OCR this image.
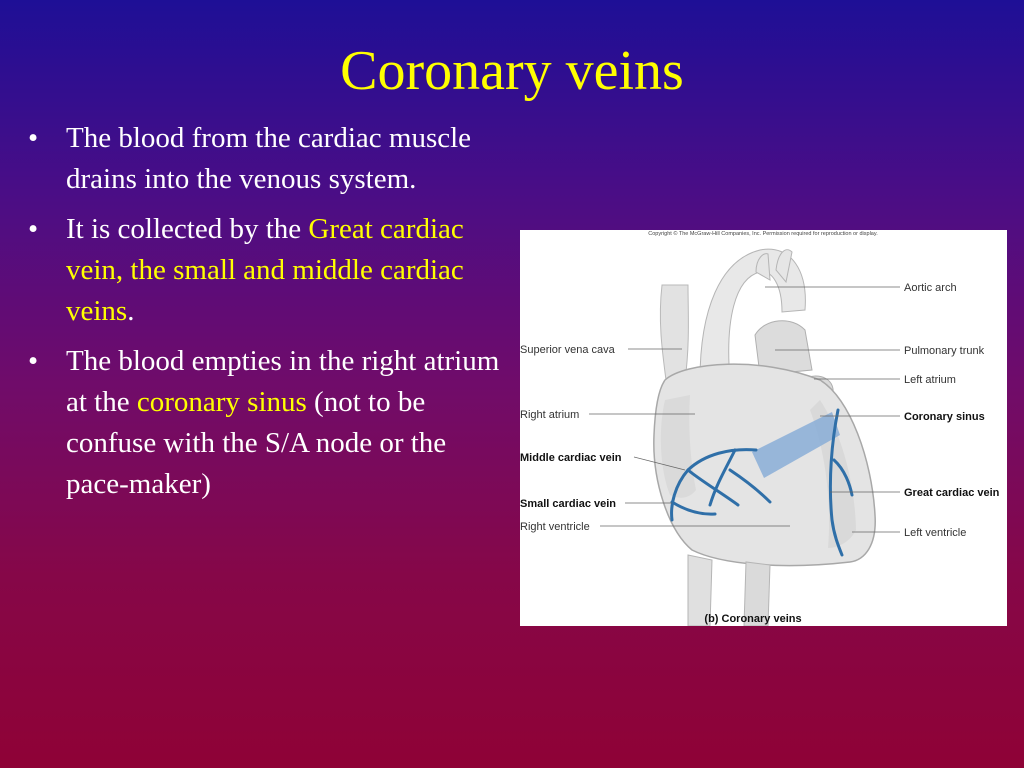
Coronary veins
• The blood from the cardiac muscle drains into the venous system.
• It is collected by the Great cardiac vein, the small and middle cardiac veins.
• The blood empties in the right atrium at the coronary sinus (not to be confuse with the S/A node or the pace-maker)
Copyright © The McGraw-Hill Companies, Inc. Permission required for reproduction or display.
Aortic arch
Superior vena cava	Pulmonary trunk
Left atrium
Right atrium	Coronary sinus
Middle cardiac vein
Great cardiac vein
Small cardiac vein
Right ventricle	Left ventricle
(b) Coronary veins
